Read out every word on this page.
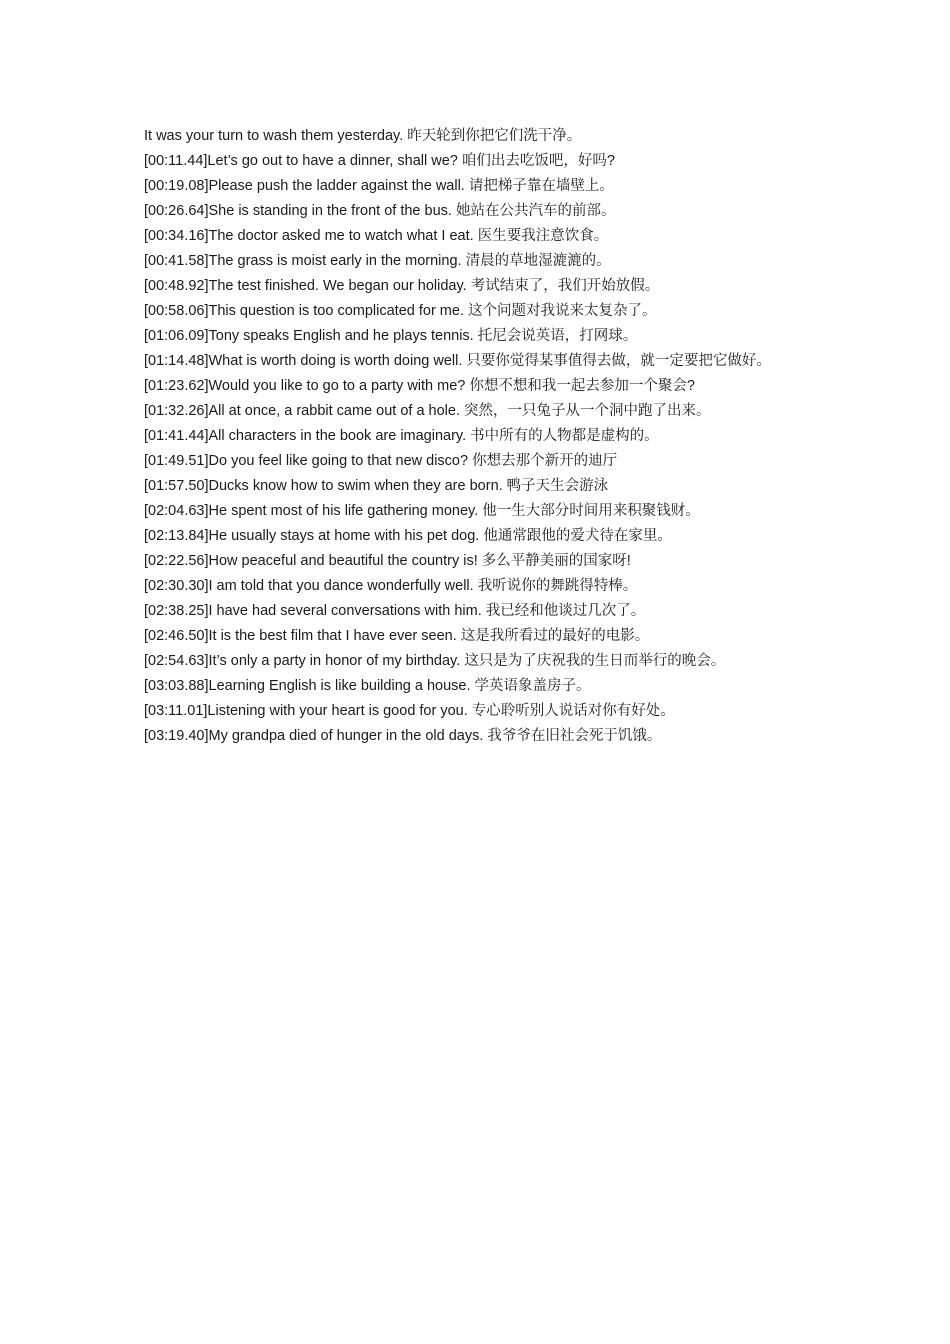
It was your turn to wash them yesterday. 昨天轮到你把它们洗干净。

[00:11.44]Let’s go out to have a dinner, shall we? 咱们出去吃饭吧，好吗?

[00:19.08]Please push the ladder against the wall. 请把梯子靠在墙壁上。

[00:26.64]She is standing in the front of the bus. 她站在公共汽车的前部。

[00:34.16]The doctor asked me to watch what I eat. 医生要我注意饮食。

[00:41.58]The grass is moist early in the morning. 清晨的草地湿漉漉的。

[00:48.92]The test finished. We began our holiday. 考试结束了，我们开始放假。

[00:58.06]This question is too complicated for me. 这个问题对我说来太复杂了。

[01:06.09]Tony speaks English and he plays tennis. 托尼会说英语，打网球。

[01:14.48]What is worth doing is worth doing well. 只要你觉得某事值得去做，就一定要把它做好。

[01:23.62]Would you like to go to a party with me? 你想不想和我一起去参加一个聚会?

[01:32.26]All at once, a rabbit came out of a hole. 突然，一只兔子从一个洞中跑了出来。

[01:41.44]All characters in the book are imaginary. 书中所有的人物都是虚构的。

[01:49.51]Do you feel like going to that new disco? 你想去那个新开的迪厅

[01:57.50]Ducks know how to swim when they are born. 鸭子天生会游泳

[02:04.63]He spent most of his life gathering money. 他一生大部分时间用来积聚钱财。

[02:13.84]He usually stays at home with his pet dog. 他通常跟他的爱犬待在家里。

[02:22.56]How peaceful and beautiful the country is! 多么平静美丽的国家呀!

[02:30.30]I am told that you dance wonderfully well. 我听说你的舞跳得特棒。

[02:38.25]I have had several conversations with him. 我已经和他谈过几次了。

[02:46.50]It is the best film that I have ever seen. 这是我所看过的最好的电影。

[02:54.63]It’s only a party in honor of my birthday. 这只是为了庆祝我的生日而举行的晚会。

[03:03.88]Learning English is like building a house. 学英语象盖房子。

[03:11.01]Listening with your heart is good for you. 专心聆听别人说话对你有好处。

[03:19.40]My grandpa died of hunger in the old days. 我爷爷在旧社会死于饥饿。
